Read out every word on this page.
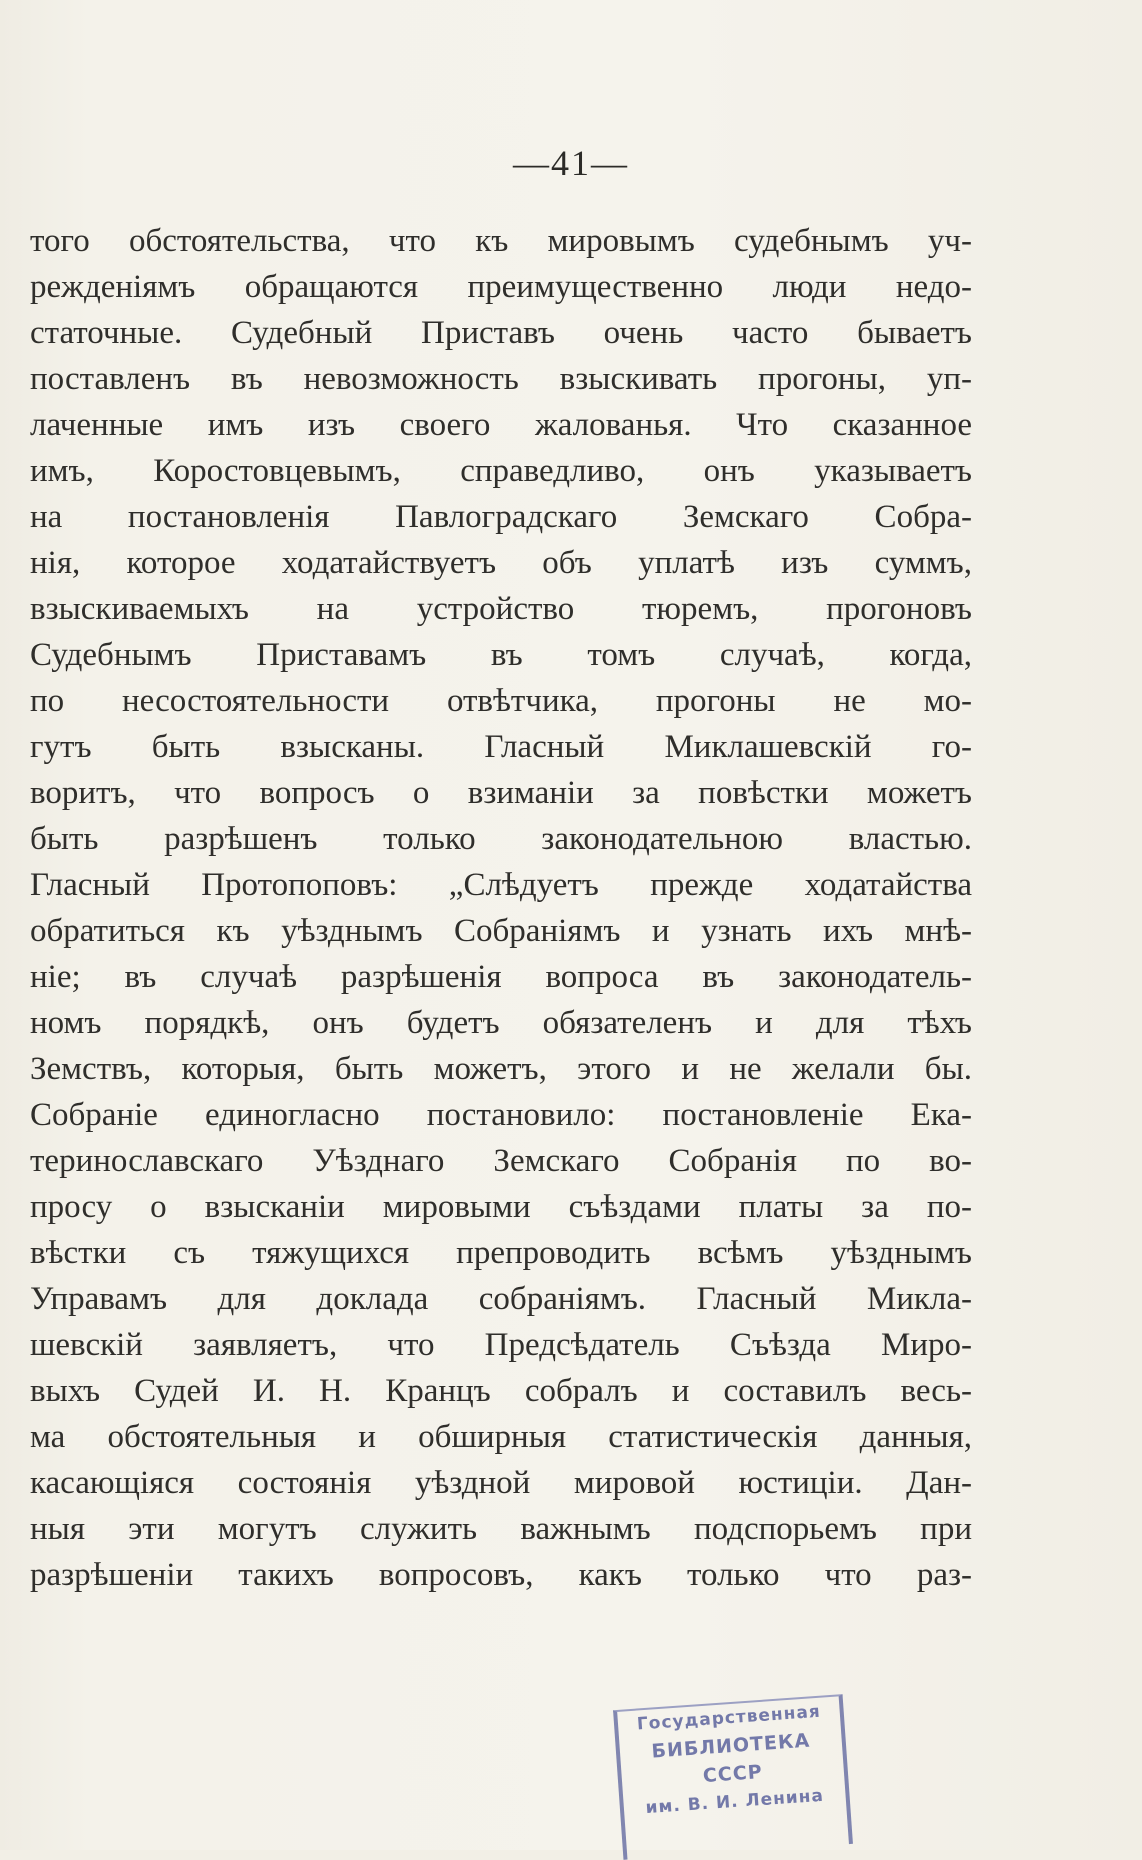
—41—
того обстоятельства, что къ мировымъ судебнымъ уч-
режденіямъ обращаются преимущественно люди недо-
статочные. Судебный Приставъ очень часто бываетъ
поставленъ въ невозможность взыскивать прогоны, уп-
лаченные имъ изъ своего жалованья. Что сказанное
имъ, Коростовцевымъ, справедливо, онъ указываетъ
на постановленія Павлоградскаго Земскаго Собра-
нія, которое ходатайствуетъ объ уплатѣ изъ суммъ,
взыскиваемыхъ на устройство тюремъ, прогоновъ
Судебнымъ Приставамъ въ томъ случаѣ, когда,
по несостоятельности отвѣтчика, прогоны не мо-
гутъ быть взысканы. Гласный Миклашевскій го-
воритъ, что вопросъ о взиманіи за повѣстки можетъ
быть разрѣшенъ только законодательною властью.
Гласный Протопоповъ: „Слѣдуетъ прежде ходатайства
обратиться къ уѣзднымъ Собраніямъ и узнать ихъ мнѣ-
ніе; въ случаѣ разрѣшенія вопроса въ законодатель-
номъ порядкѣ, онъ будетъ обязателенъ и для тѣхъ
Земствъ, которыя, быть можетъ, этого и не желали бы.
Собраніе единогласно постановило: постановленіе Ека-
теринославскаго Уѣзднаго Земскаго Собранія по во-
просу о взысканіи мировыми съѣздами платы за по-
вѣстки съ тяжущихся препроводить всѣмъ уѣзднымъ
Управамъ для доклада собраніямъ. Гласный Микла-
шевскій заявляетъ, что Предсѣдатель Съѣзда Миро-
выхъ Судей И. Н. Кранцъ собралъ и составилъ весь-
ма обстоятельныя и обширныя статистическія данныя,
касающіяся состоянія уѣздной мировой юстиціи. Дан-
ныя эти могутъ служить важнымъ подспорьемъ при
разрѣшеніи такихъ вопросовъ, какъ только что раз-
Государственная
БИБЛИОТЕКА
СССР
им. В. И. Ленина
